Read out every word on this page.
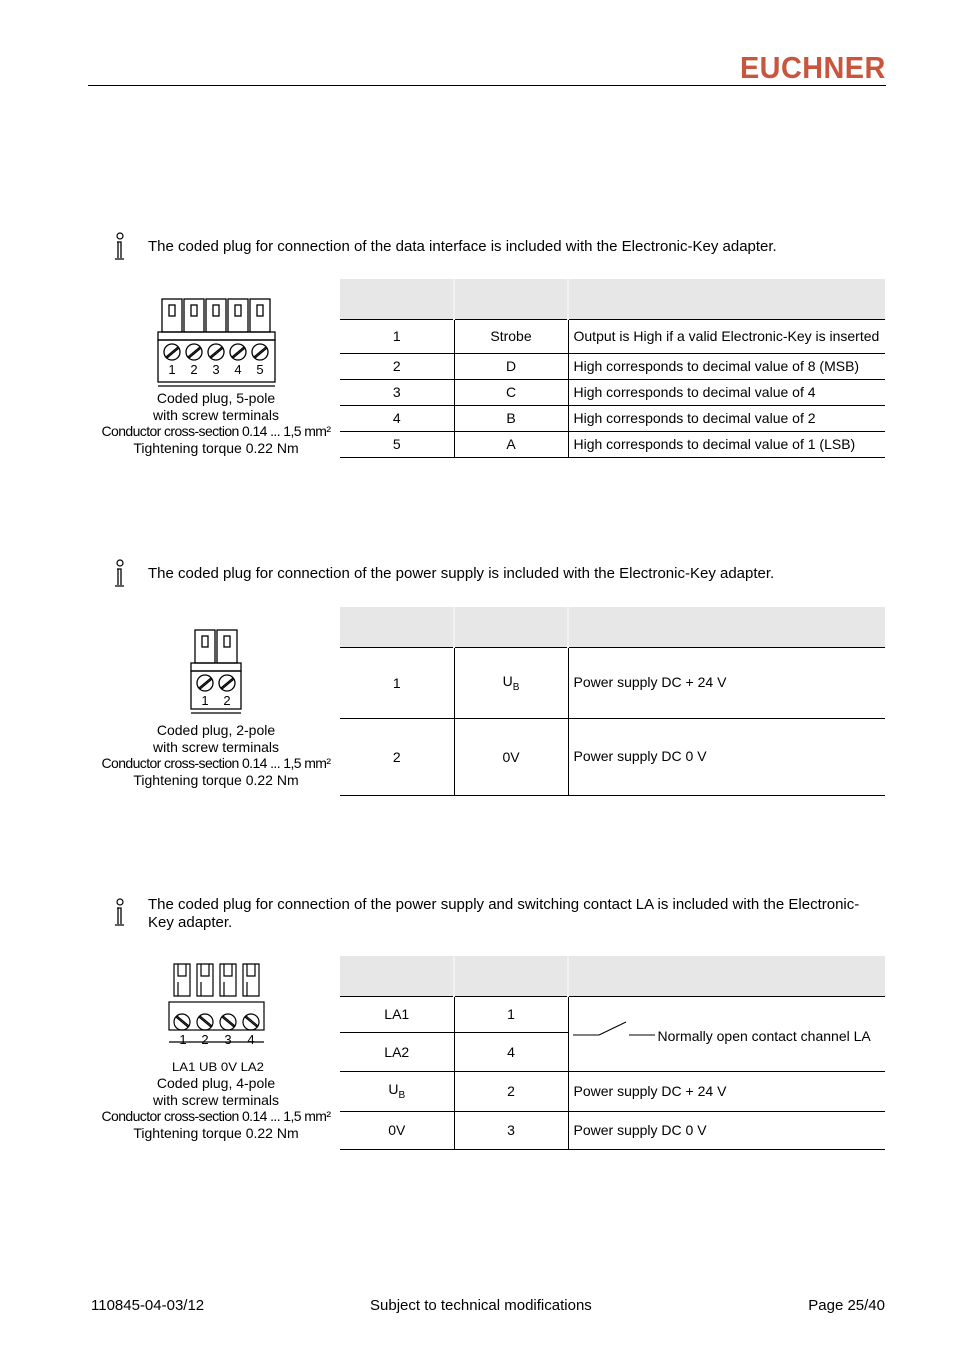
EUCHNER
The coded plug for connection of the data interface is included with the Electronic-Key adapter.
1 2 3 4 5
Coded plug, 5-pole
with screw terminals
Conductor cross-section 0.14 ... 1,5 mm²
Tightening torque 0.22 Nm

1	Strobe	Output is High if a valid Electronic-Key is inserted
2	D	High corresponds to decimal value of 8 (MSB)
3	C	High corresponds to decimal value of 4
4	B	High corresponds to decimal value of 2
5	A	High corresponds to decimal value of 1 (LSB)
The coded plug for connection of the power supply is included with the Electronic-Key adapter.
1 2
Coded plug, 2-pole
with screw terminals
Conductor cross-section 0.14 ... 1,5 mm²
Tightening torque 0.22 Nm

1	$U_B$	Power supply DC + 24 V
2	0V	Power supply DC 0 V
The coded plug for connection of the power supply and switching contact LA is included with the Electronic-Key adapter.
1 2 3 4
LA1 UB 0V LA2
Coded plug, 4-pole
with screw terminals
Conductor cross-section 0.14 ... 1,5 mm²
Tightening torque 0.22 Nm

LA1	1	Normally open contact channel LA

LA2	4	
$U_B$	2	Power supply DC + 24 V
0V	3	Power supply DC 0 V
110845-04-03/12	Subject to technical modifications	Page 25/40
